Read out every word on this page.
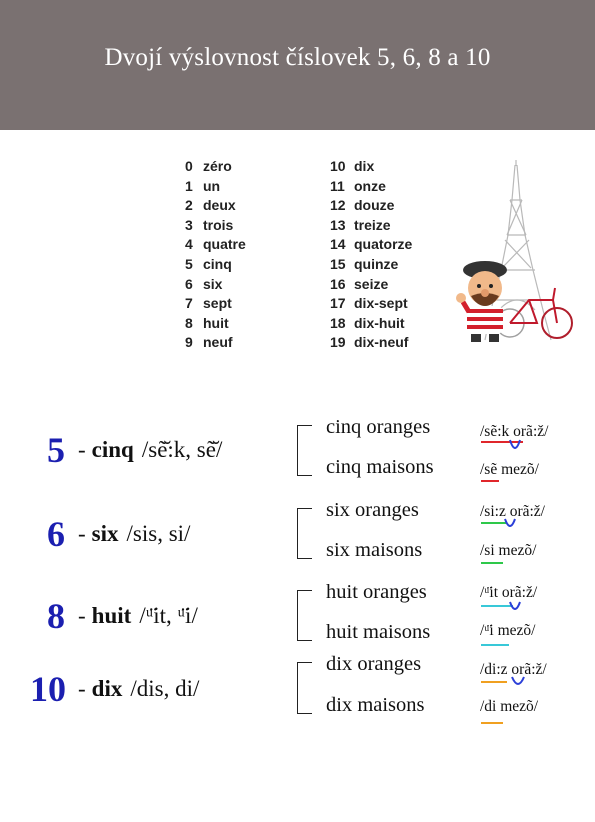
Dvojí výslovnost číslovek 5, 6, 8 a 10
0 zéro
1 un
2 deux
3 trois
4 quatre
5 cinq
6 six
7 sept
8 huit
9 neuf
10 dix
11 onze
12 douze
13 treize
14 quatorze
15 quinze
16 seize
17 dix-sept
18 dix-huit
19 dix-neuf
5 - cinq /sẽ̆:k, sẽ̆/
cinq oranges
cinq maisons
/sẽ:k orã:ž/
/sẽ mezõ/
6 - six /sis, si/
six oranges
six maisons
/si:z orã:ž/
/si mezõ/
8 - huit /ᵘ̈it, ᵘ̈i/
huit oranges
huit maisons
/ᵘ̈it orã:ž/
/ᵘ̈i mezõ/
10 - dix /dis, di/
dix oranges
dix maisons
/di:z orã:ž/
/di mezõ/
